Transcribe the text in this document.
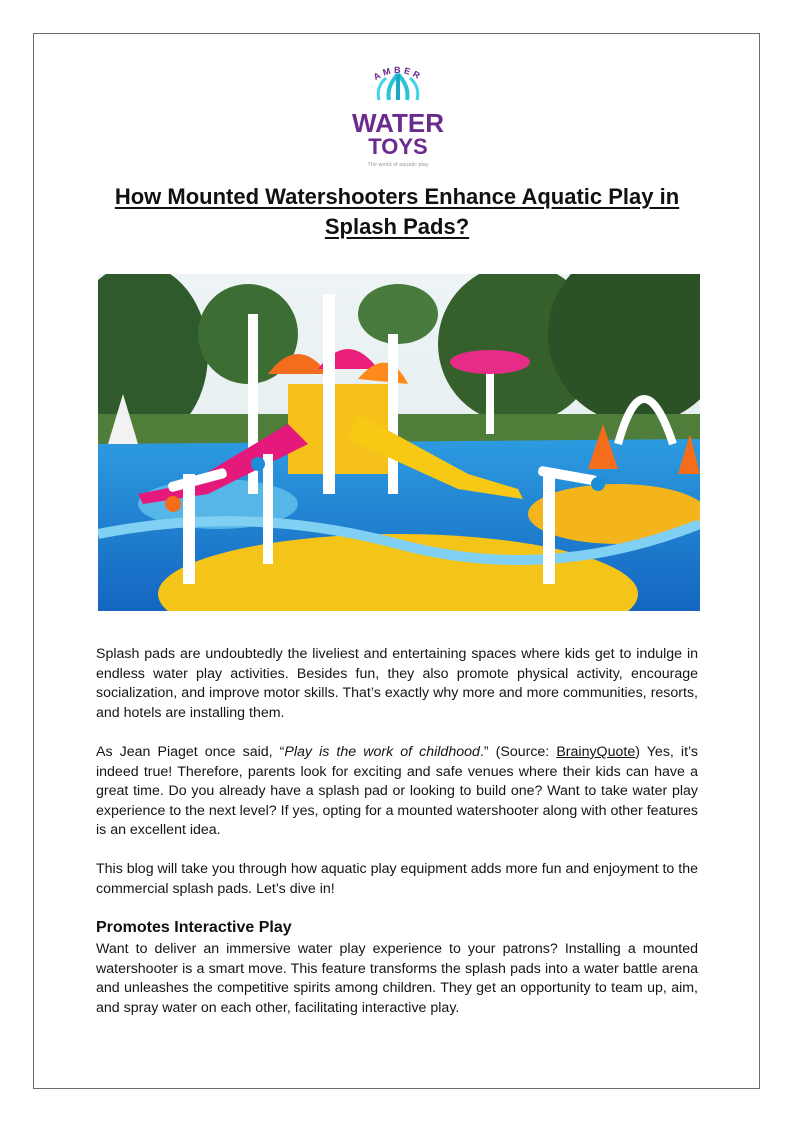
AMBER
WATER
TOYS
The world of aquatic play
How Mounted Watershooters Enhance Aquatic Play in Splash Pads?
Splash pads are undoubtedly the liveliest and entertaining spaces where kids get to indulge in endless water play activities. Besides fun, they also promote physical activity, encourage socialization, and improve motor skills. That’s exactly why more and more communities, resorts, and hotels are installing them.
As Jean Piaget once said, “Play is the work of childhood.” (Source: BrainyQuote) Yes, it’s indeed true! Therefore, parents look for exciting and safe venues where their kids can have a great time. Do you already have a splash pad or looking to build one? Want to take water play experience to the next level? If yes, opting for a mounted watershooter along with other features is an excellent idea.
This blog will take you through how aquatic play equipment adds more fun and enjoyment to the commercial splash pads. Let’s dive in!
Promotes Interactive Play
Want to deliver an immersive water play experience to your patrons? Installing a mounted watershooter is a smart move. This feature transforms the splash pads into a water battle arena and unleashes the competitive spirits among children. They get an opportunity to team up, aim, and spray water on each other, facilitating interactive play.
